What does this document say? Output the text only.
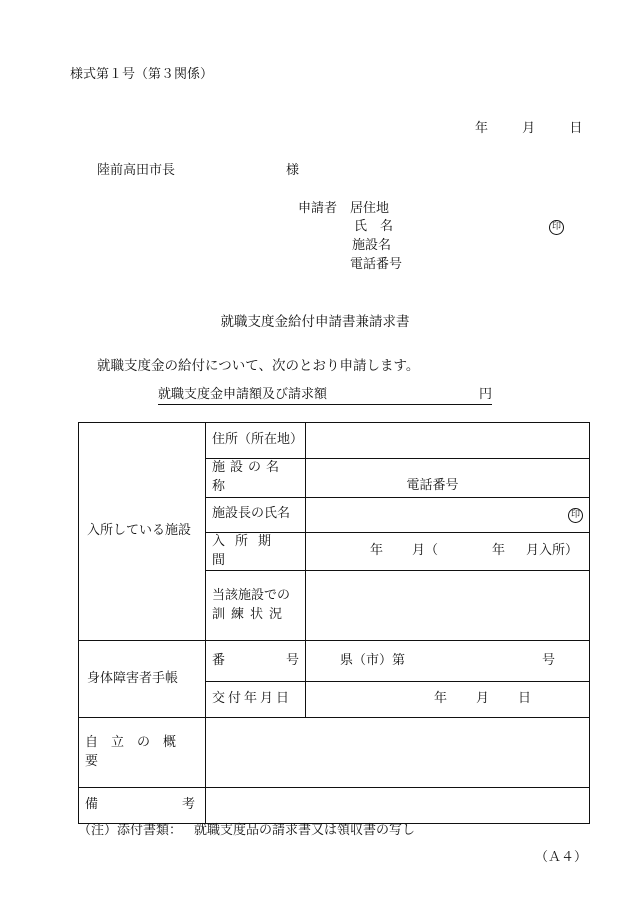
様式第１号（第３関係）
年	月	日
陸前高田市長	様
申請者 居住地
氏　名	印
施設名
電話番号
就職支度金給付申請書兼請求書
就職支度金の給付について、次のとおり申請します。
就職支度金申請額及び請求額	円
入所している施設	住所（所在地）	

施設の名称	電話番号

	施設長の氏名	印

	入所期間	年 月（ 年 月入所）

	当該施設での
訓練状況	

身体障害者手帳	番 号	県（市）第 号

	交付年月日	年 月 日

自立の概要		

備 考		

（注）添付書類： 就職支度品の請求書又は領収書の写し
（Ａ４）
